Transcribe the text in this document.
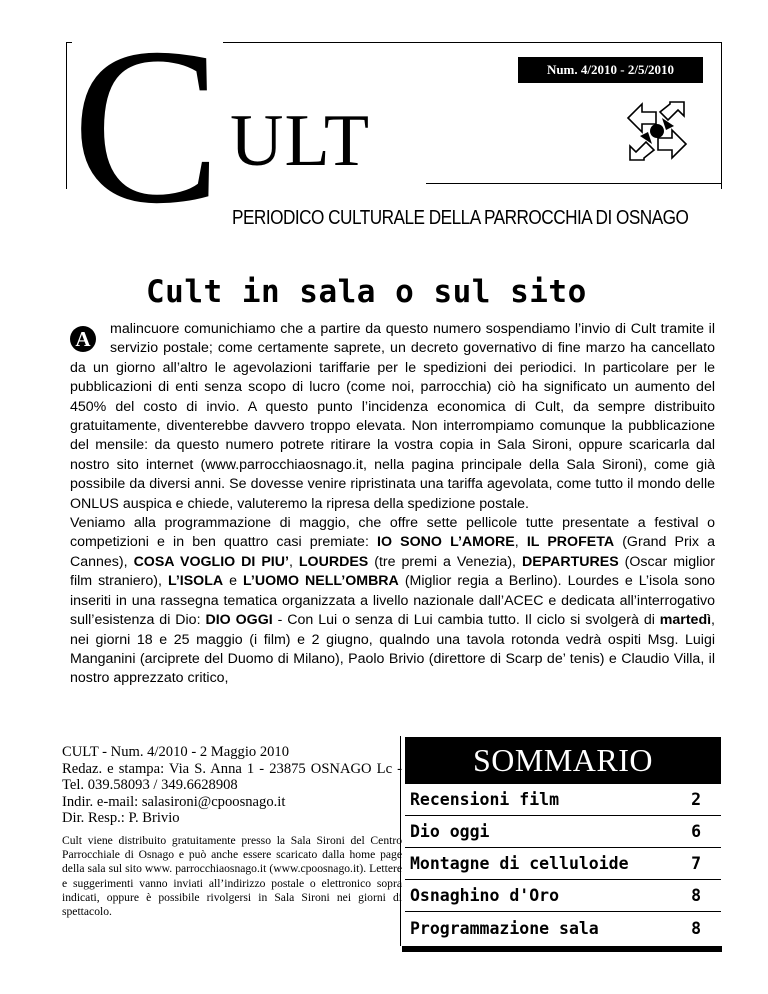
C ULT
Num. 4/2010 - 2/5/2010
PERIODICO CULTURALE DELLA PARROCCHIA DI OSNAGO
Cult in sala o sul sito
A	malincuore comunichiamo che a partire da questo numero sospendiamo l’invio di Cult tramite il servizio postale; come certamente saprete, un decreto governativo di fine marzo ha cancellato da un giorno all’altro le agevolazioni tariffarie per le spedizioni dei periodici. In particolare per le pubblicazioni di enti senza scopo di lucro (come noi, parrocchia) ciò ha significato un aumento del 450% del costo di invio. A questo punto l’incidenza economica di Cult, da sempre distribuito gratuitamente, diventerebbe davvero troppo elevata. Non interrompiamo comunque la pubblicazione del mensile: da questo numero potrete ritirare la vostra copia in Sala Sironi, oppure scaricarla dal nostro sito internet (www.parrocchiaosnago.it, nella pagina principale della Sala Sironi), come già possibile da diversi anni. Se dovesse venire ripristinata una tariffa agevolata, come tutto il mondo delle ONLUS auspica e chiede, valuteremo la ripresa della spedizione postale.

Veniamo alla programmazione di maggio, che offre sette pellicole tutte presentate a festival o competizioni e in ben quattro casi premiate: IO SONO L’AMORE, IL PROFETA (Grand Prix a Cannes), COSA VOGLIO DI PIU’, LOURDES (tre premi a Venezia), DEPARTURES (Oscar miglior film straniero), L’ISOLA e L’UOMO NELL’OMBRA (Miglior regia a Berlino). Lourdes e L’isola sono inseriti in una rassegna tematica organizzata a livello nazionale dall’ACEC e dedicata all’interrogativo sull’esistenza di Dio: DIO OGGI - Con Lui o senza di Lui cambia tutto. Il ciclo si svolgerà di martedì, nei giorni 18 e 25 maggio (i film) e 2 giugno, qualndo una tavola rotonda vedrà ospiti Msg. Luigi Manganini (arciprete del Duomo di Milano), Paolo Brivio (direttore di Scarp de’ tenis) e Claudio Villa, il nostro apprezzato critico,

CULT - Num. 4/2010 - 2 Maggio 2010
Redaz. e stampa: Via S. Anna 1 - 23875 OSNAGO Lc - Tel. 039.58093 / 349.6628908
Indir. e-mail: salasironi@cpoosnago.it
Dir. Resp.: P. Brivio
Cult viene distribuito gratuitamente presso la Sala Sironi del Centro Parrocchiale di Osnago e può anche essere scaricato dalla home page della sala sul sito www. parrocchiaosnago.it (www.cpoosnago.it). Lettere e suggerimenti vanno inviati all’indirizzo postale o elettronico sopra indicati, oppure è possibile rivolgersi in Sala Sironi nei giorni di spettacolo.
SOMMARIO
Recensioni film	2
Dio oggi	6
Montagne di celluloide	7
Osnaghino d'Oro	8
Programmazione sala	8
